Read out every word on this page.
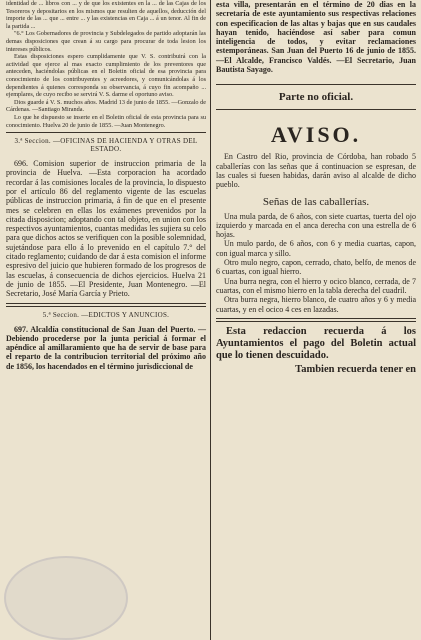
identidad de ... libros con ... y de que los existentes en la ... de las Cajas de los Tesoreros y depositarios en los mismos que resulten de aquellos, deducción del importe de las ... que ... entre ... y las existencias en Caja ... á un tenor. Al fin de la partida ...

"6.° Los Gobernadores de provincia y Subdelegados de partido adoptarán las demas disposiciones que crean á su cargo para procurar de toda lesion los intereses públicos.

Estas disposiciones espero cumplidamente que V. S. contribuirá con la actividad que ejerce al mas exacto cumplimiento de los preventores que anteceden, haciéndolas públicas en el Boletin oficial de esa provincia para conocimiento de los contribuyentes y acreedores, y comunicándolas á los dependientes á quienes corresponda su observancia, á cuyo fin acompaño ... ejemplares, de cuyo recibo se servirá V. S. darme el oportuno aviso.

Dios guarde á V. S. muchos años. Madrid 13 de junio de 1855. —Gonzalo de Cárdenas. —Santiago Miranda.

Lo que he dispuesto se inserte en el Boletin oficial de esta provincia para su conocimiento. Huelva 20 de junio de 1855. —Juan Montenegro.

3.ª Seccion. —OFICINAS DE HACIENDA Y OTRAS DEL ESTADO.

696. Comision superior de instruccion primaria de la provincia de Huelva. —Esta corporacion ha acordado recordar á las comisiones locales de la provincia, lo dispuesto por el artículo 86 del reglamento vigente de las escuelas públicas de instruccion primaria, á fin de que en el presente mes se celebren en ellas los exámenes prevenidos por la citada disposicion; adoptando con tal objeto, en union con los respectivos ayuntamientos, cuantas medidas les sujiera su celo para que dichos actos se verifiquen con la posible solemnidad, sujetándose para ello á lo prevenido en el capítulo 7.° del citado reglamento; cuidando de dar á esta comision el informe espresivo del juicio que hubieren formado de los progresos de las escuelas, á consecuencia de dichos ejercicios. Huelva 21 de junio de 1855. —El Presidente, Juan Montenegro. —El Secretario, José María García y Prieto.

5.ª Seccion. —EDICTOS Y ANUNCIOS.

697. Alcaldía constitucional de San Juan del Puerto. —Debiendo procederse por la junta pericial á formar el apéndice al amillaramiento que ha de servir de base para el reparto de la contribucion territorial del próximo año de 1856, los hacendados en el término jurisdiccional de

esta villa, presentarán en el término de 20 dias en la secretaría de este ayuntamiento sus respectivas relaciones con especificacion de las altas y bajas que en sus caudales hayan tenido, haciéndose así saber para comun inteligencia de todos, y evitar reclamaciones estemporáneas. San Juan del Puerto 16 de junio de 1855. —El Alcalde, Francisco Valdés. —El Secretario, Juan Bautista Sayago.

Parte no oficial.
AVISO.

En Castro del Rio, provincia de Córdoba, han robado 5 caballerías con las señas que á continuacion se espresan, de las cuales si fuesen habidas, darán aviso al alcalde de dicho pueblo.

Señas de las caballerías.

Una mula parda, de 6 años, con siete cuartas, tuerta del ojo izquierdo y marcada en el anca derecha con una estrella de 6 hojas.

Un mulo pardo, de 6 años, con 6 y media cuartas, capon, con igual marca y sillo.

Otro mulo negro, capon, cerrado, chato, belfo, de menos de 6 cuartas, con igual hierro.

Una burra negra, con el hierro y ocico blanco, cerrada, de 7 cuartas, con el mismo hierro en la tabla derecha del cuadril.

Otra burra negra, hierro blanco, de cuatro años y 6 y media cuartas, y en el ocico 4 ces en lazadas.

Esta redaccion recuerda á los Ayuntamientos el pago del Boletin actual que lo tienen descuidado.

Tambien recuerda tener en
